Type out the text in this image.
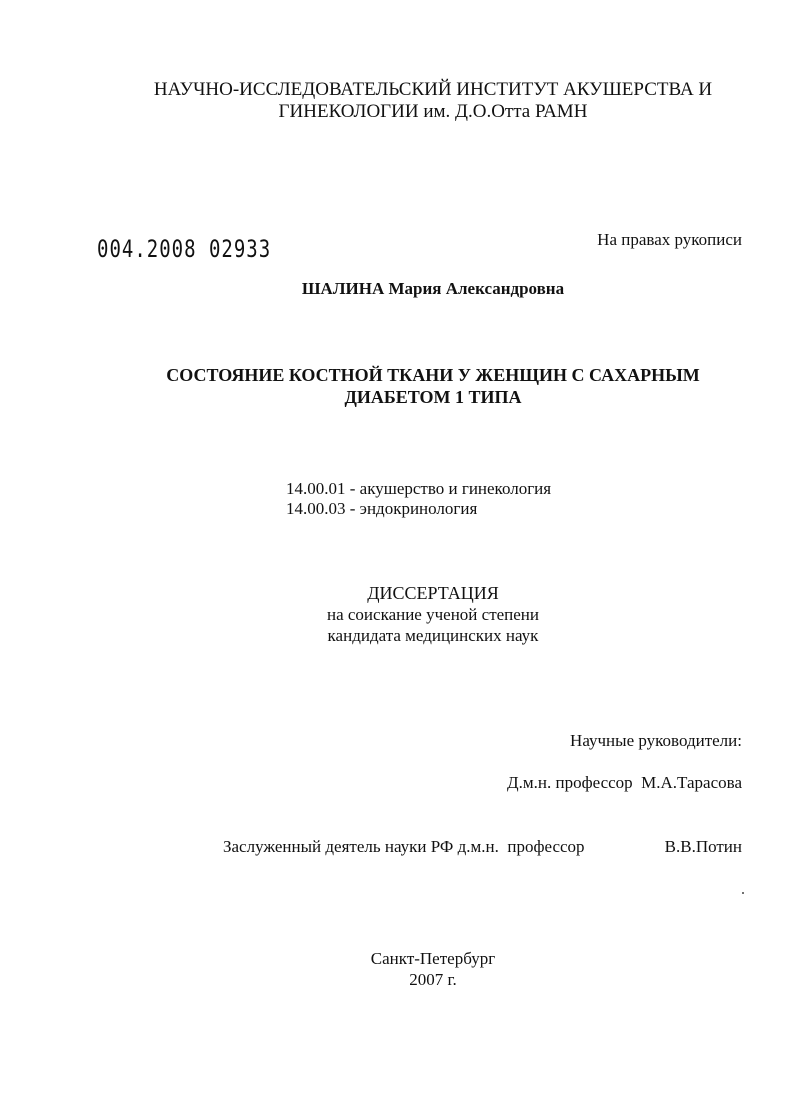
НАУЧНО-ИССЛЕДОВАТЕЛЬСКИЙ ИНСТИТУТ АКУШЕРСТВА И
ГИНЕКОЛОГИИ им. Д.О.Отта РАМН
004.2008 02933	На правах рукописи
ШАЛИНА Мария Александровна
СОСТОЯНИЕ КОСТНОЙ ТКАНИ У ЖЕНЩИН С САХАРНЫМ
ДИАБЕТОМ 1 ТИПА
14.00.01 - акушерство и гинекология
14.00.03 - эндокринология
ДИССЕРТАЦИЯ
на соискание ученой степени
кандидата медицинских наук
Научные руководители:
Д.м.н. профессор  М.А.Тарасова
Заслуженный деятель науки РФ д.м.н.  профессор	В.В.Потин
Санкт-Петербург
2007 г.
